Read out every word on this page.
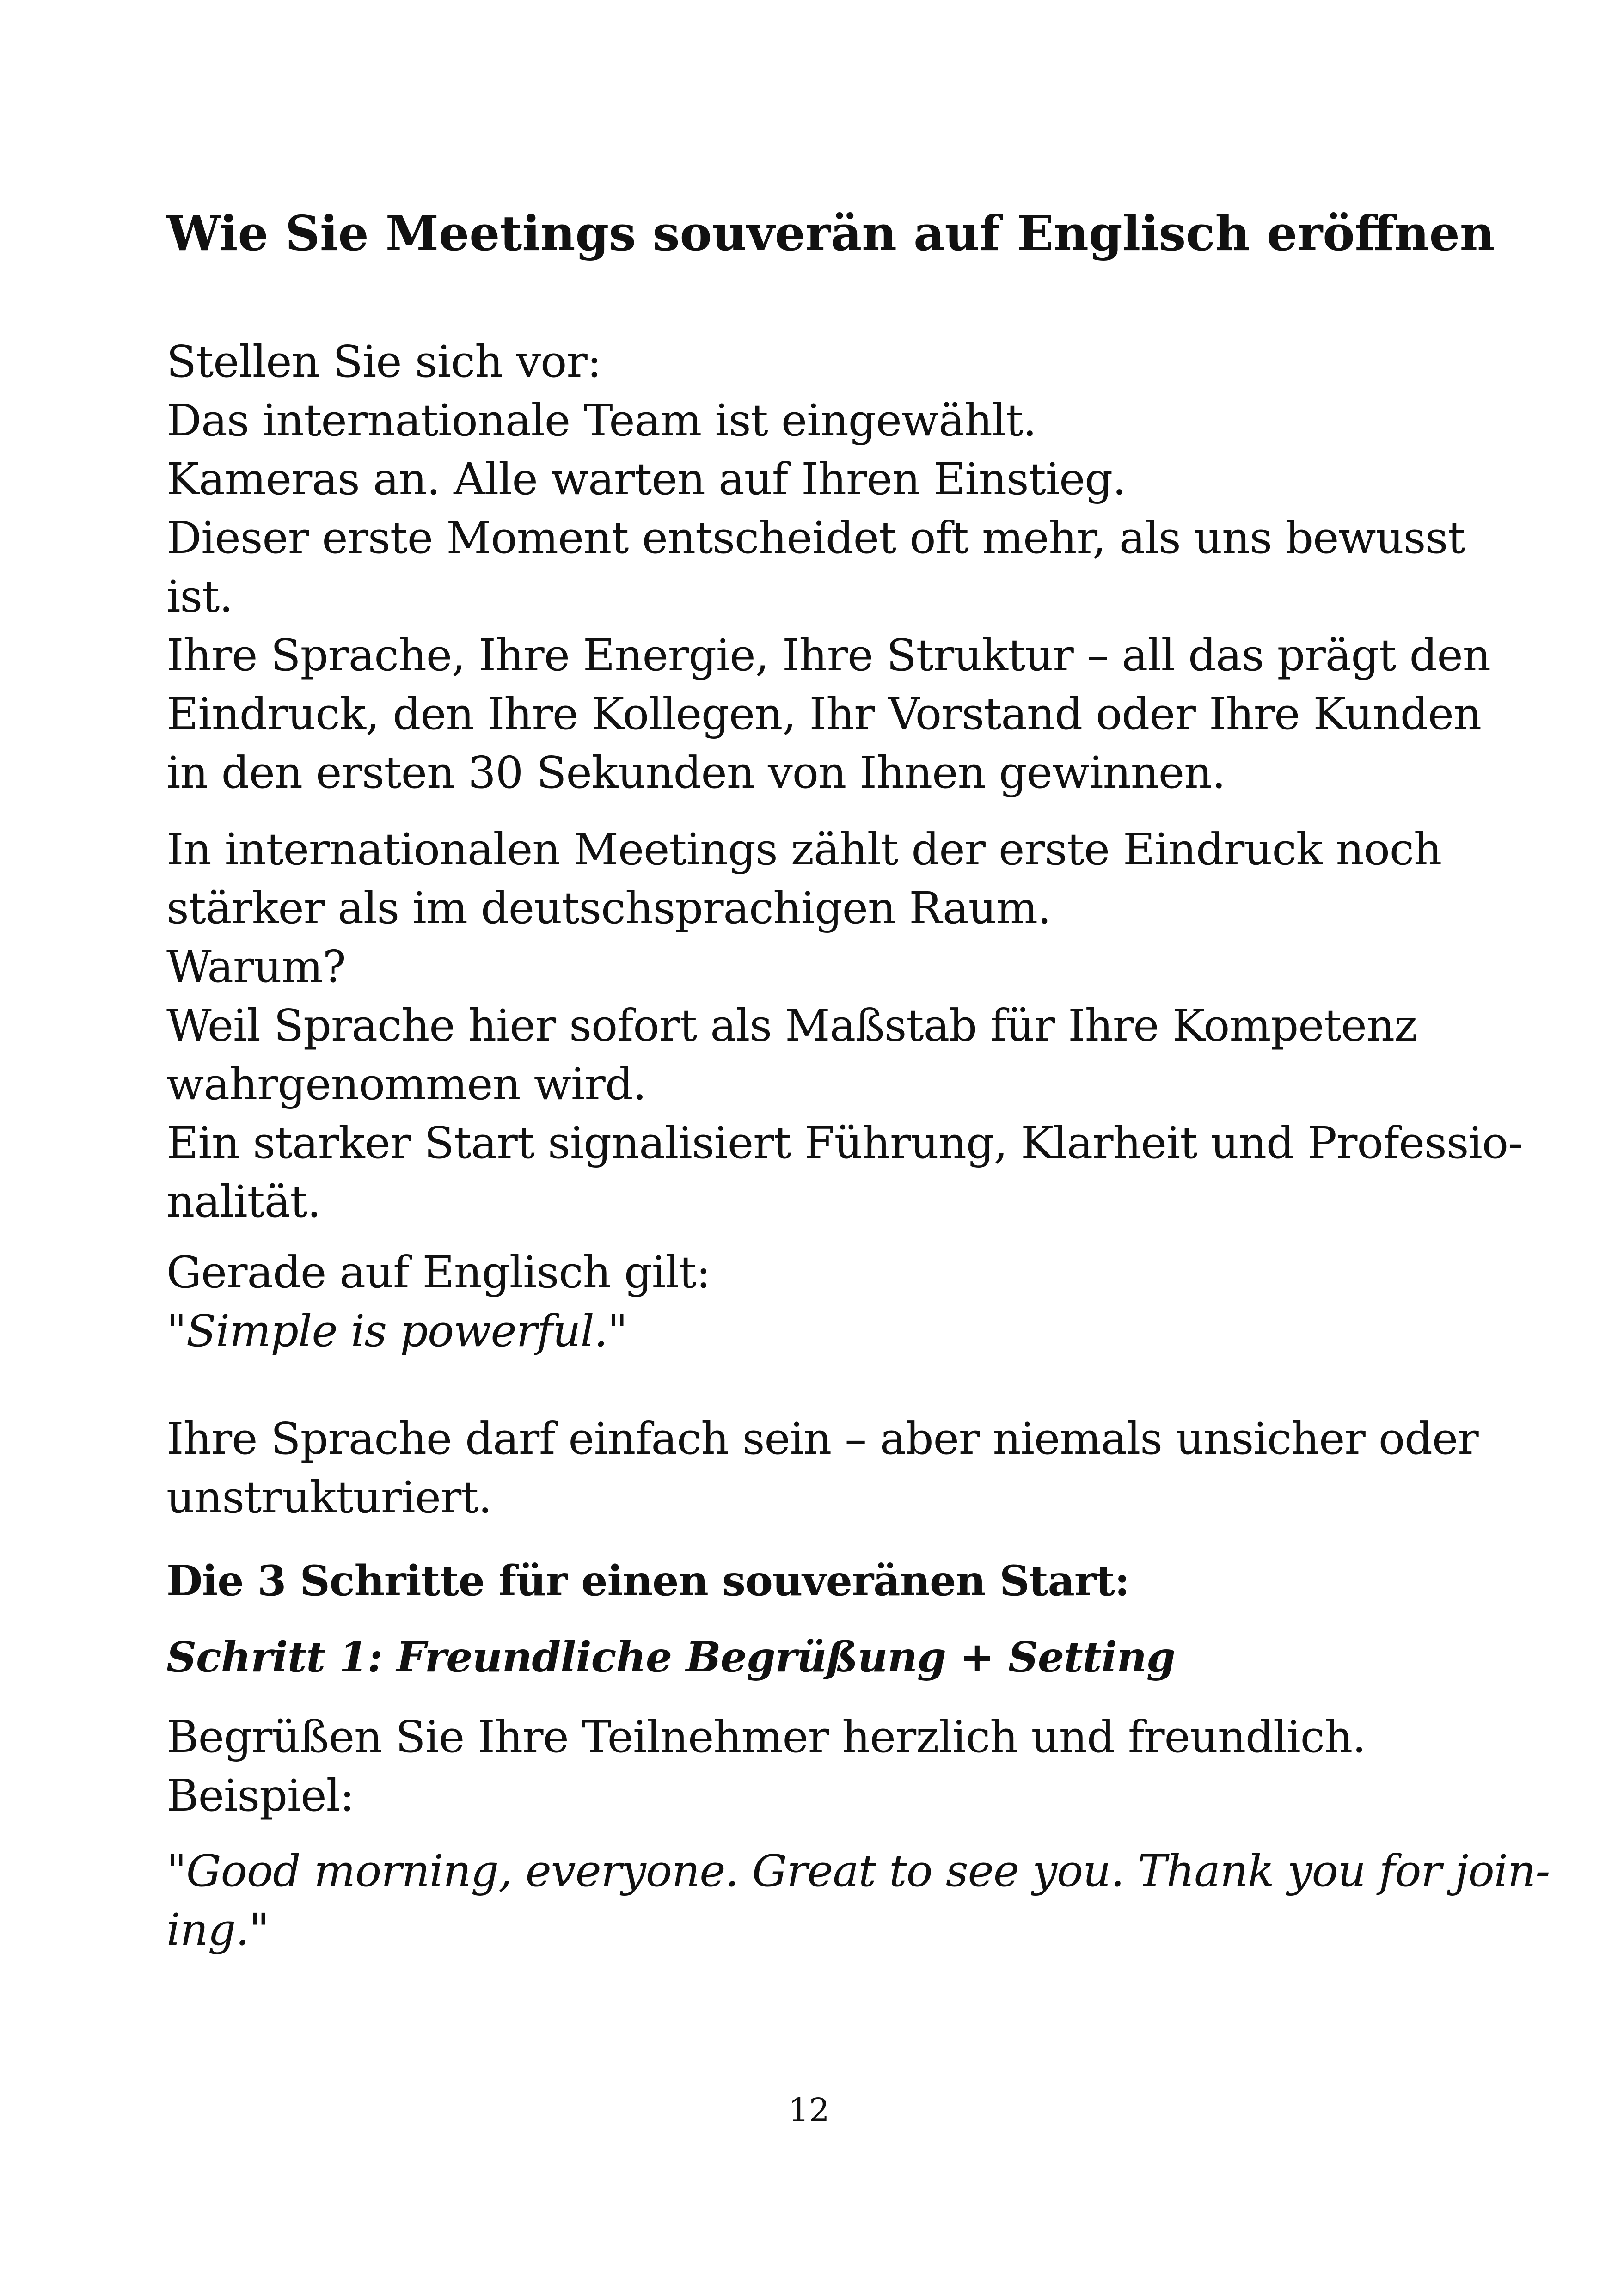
Wie Sie Meetings souverän auf Englisch eröffnen
Stellen Sie sich vor:
Das internationale Team ist eingewählt.
Kameras an. Alle warten auf Ihren Einstieg.
Dieser erste Moment entscheidet oft mehr, als uns bewusst
ist.
Ihre Sprache, Ihre Energie, Ihre Struktur – all das prägt den
Eindruck, den Ihre Kollegen, Ihr Vorstand oder Ihre Kunden
in den ersten 30 Sekunden von Ihnen gewinnen.
In internationalen Meetings zählt der erste Eindruck noch
stärker als im deutschsprachigen Raum.
Warum?
Weil Sprache hier sofort als Maßstab für Ihre Kompetenz
wahrgenommen wird.
Ein starker Start signalisiert Führung, Klarheit und Professio-
nalität.
Gerade auf Englisch gilt:
"Simple is powerful."
Ihre Sprache darf einfach sein – aber niemals unsicher oder
unstrukturiert.
Die 3 Schritte für einen souveränen Start:
Schritt 1: Freundliche Begrüßung + Setting
Begrüßen Sie Ihre Teilnehmer herzlich und freundlich.
Beispiel:
"Good morning, everyone. Great to see you. Thank you for join-
ing."
12
